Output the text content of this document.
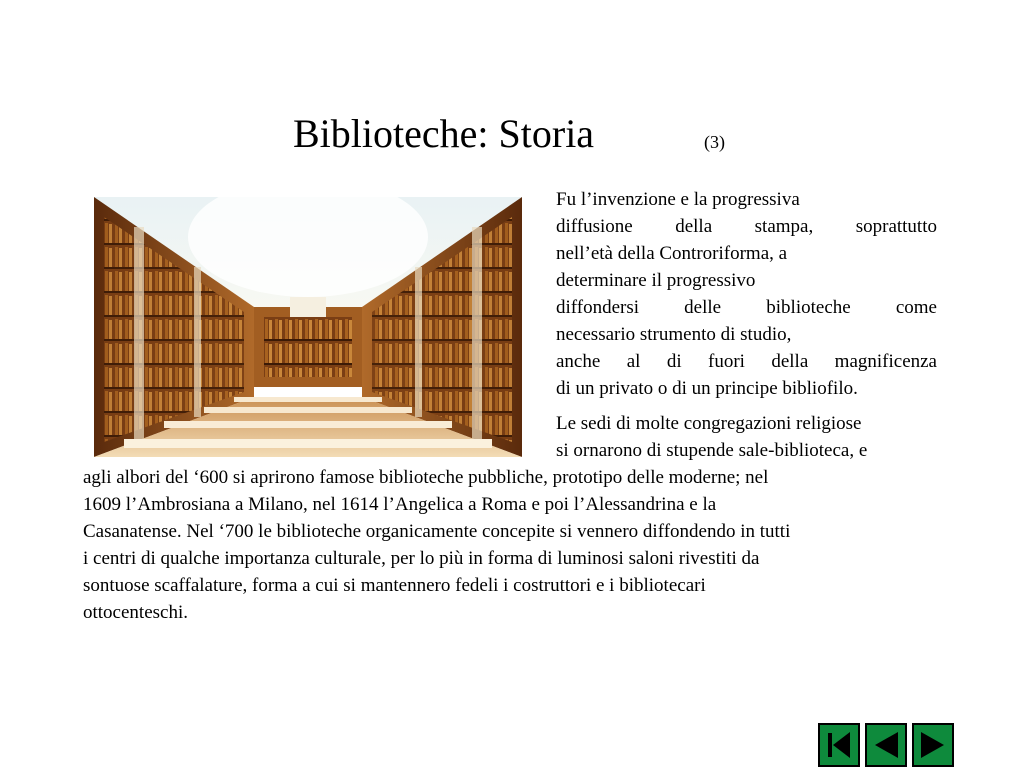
Biblioteche: Storia	(3)
Fu l’invenzione e la progressiva
diffusione della stampa, soprattutto
nell’età della Controriforma, a
determinare il progressivo
diffondersi delle biblioteche come
necessario strumento di studio,
anche al di fuori della magnificenza
di un privato o di un principe bibliofilo.
Le sedi di molte congregazioni religiose
si ornarono di stupende sale-biblioteca, e
agli albori del ‘600 si aprirono famose biblioteche pubbliche, prototipo delle moderne; nel
1609 l’Ambrosiana a Milano, nel 1614 l’Angelica a Roma e poi l’Alessandrina e la
Casanatense. Nel ‘700 le biblioteche organicamente concepite si vennero diffondendo in tutti
i centri di qualche importanza culturale, per lo più in forma di luminosi saloni rivestiti da
sontuose scaffalature, forma a cui si mantennero fedeli i costruttori e i bibliotecari
ottocenteschi.
